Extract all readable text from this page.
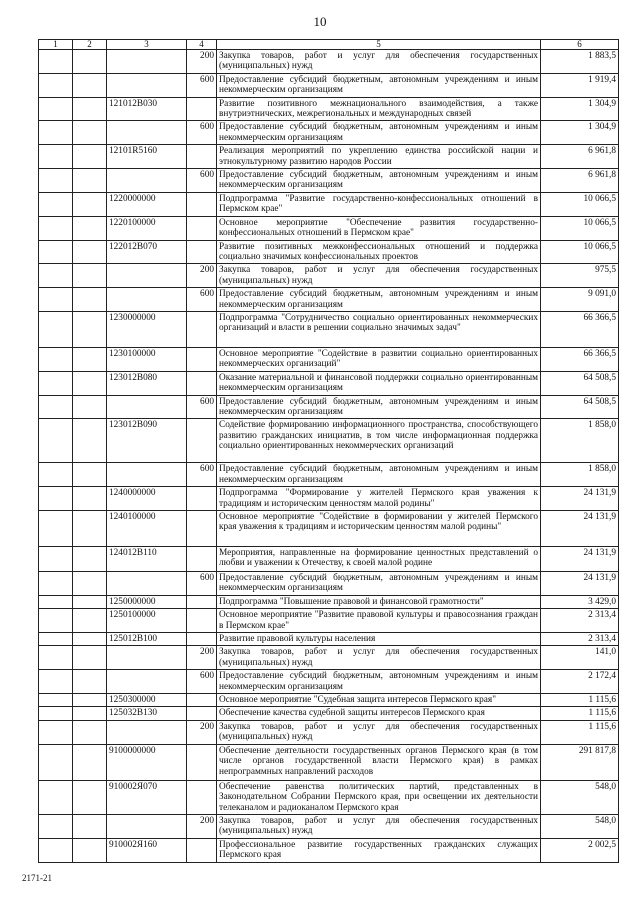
10
1	2	3	4	5	6
			200	Закупка товаров, работ и услуг для обеспечения государственных (муниципальных) нужд	1 883,5
			600	Предоставление субсидий бюджетным, автономным учреждениям и иным некоммерческим организациям	1 919,4
		121012В030		Развитие позитивного межнационального взаимодействия, а также внутриэтнических, межрегиональных и международных связей	1 304,9
			600	Предоставление субсидий бюджетным, автономным учреждениям и иным некоммерческим организациям	1 304,9
		12101R5160		Реализация мероприятий по укреплению единства российской нации и этнокультурному развитию народов России	6 961,8
			600	Предоставление субсидий бюджетным, автономным учреждениям и иным некоммерческим организациям	6 961,8
		1220000000		Подпрограмма "Развитие государственно-конфессиональных отношений в Пермском крае"	10 066,5
		1220100000		Основное мероприятие "Обеспечение развития государственно-конфессиональных отношений в Пермском крае"	10 066,5
		122012В070		Развитие позитивных межконфессиональных отношений и поддержка социально значимых конфессиональных проектов	10 066,5
			200	Закупка товаров, работ и услуг для обеспечения государственных (муниципальных) нужд	975,5
			600	Предоставление субсидий бюджетным, автономным учреждениям и иным некоммерческим организациям	9 091,0
		1230000000		Подпрограмма "Сотрудничество социально ориентированных некоммерческих организаций и власти в решении социально значимых задач"	66 366,5
		1230100000		Основное мероприятие "Содействие в развитии социально ориентированных некоммерческих организаций"	66 366,5
		123012В080		Оказание материальной и финансовой поддержки социально ориентированным некоммерческим организациям	64 508,5
			600	Предоставление субсидий бюджетным, автономным учреждениям и иным некоммерческим организациям	64 508,5
		123012В090		Содействие формированию информационного пространства, способствующего развитию гражданских инициатив, в том числе информационная поддержка социально ориентированных некоммерческих организаций	1 858,0
			600	Предоставление субсидий бюджетным, автономным учреждениям и иным некоммерческим организациям	1 858,0
		1240000000		Подпрограмма "Формирование у жителей Пермского края уважения к традициям и историческим ценностям малой родины"	24 131,9
		1240100000		Основное мероприятие "Содействие в формировании у жителей Пермского края уважения к традициям и историческим ценностям малой родины"	24 131,9
		124012В110		Мероприятия, направленные на формирование ценностных представлений о любви и уважении к Отечеству, к своей малой родине	24 131,9
			600	Предоставление субсидий бюджетным, автономным учреждениям и иным некоммерческим организациям	24 131,9
		1250000000		Подпрограмма "Повышение правовой и финансовой грамотности"	3 429,0
		1250100000		Основное мероприятие "Развитие правовой культуры и правосознания граждан в Пермском крае"	2 313,4
		125012В100		Развитие правовой культуры населения	2 313,4
			200	Закупка товаров, работ и услуг для обеспечения государственных (муниципальных) нужд	141,0
			600	Предоставление субсидий бюджетным, автономным учреждениям и иным некоммерческим организациям	2 172,4
		1250300000		Основное мероприятие "Судебная защита интересов Пермского края"	1 115,6
		125032В130		Обеспечение качества судебной защиты интересов Пермского края	1 115,6
			200	Закупка товаров, работ и услуг для обеспечения государственных (муниципальных) нужд	1 115,6
		9100000000		Обеспечение деятельности государственных органов Пермского края (в том числе органов государственной власти Пермского края) в рамках непрограммных направлений расходов	291 817,8
		910002Я070		Обеспечение равенства политических партий, представленных в Законодательном Собрании Пермского края, при освещении их деятельности телеканалом и радиоканалом Пермского края	548,0
			200	Закупка товаров, работ и услуг для обеспечения государственных (муниципальных) нужд	548,0
		910002Я160		Профессиональное развитие государственных гражданских служащих Пермского края	2 002,5
2171-21
